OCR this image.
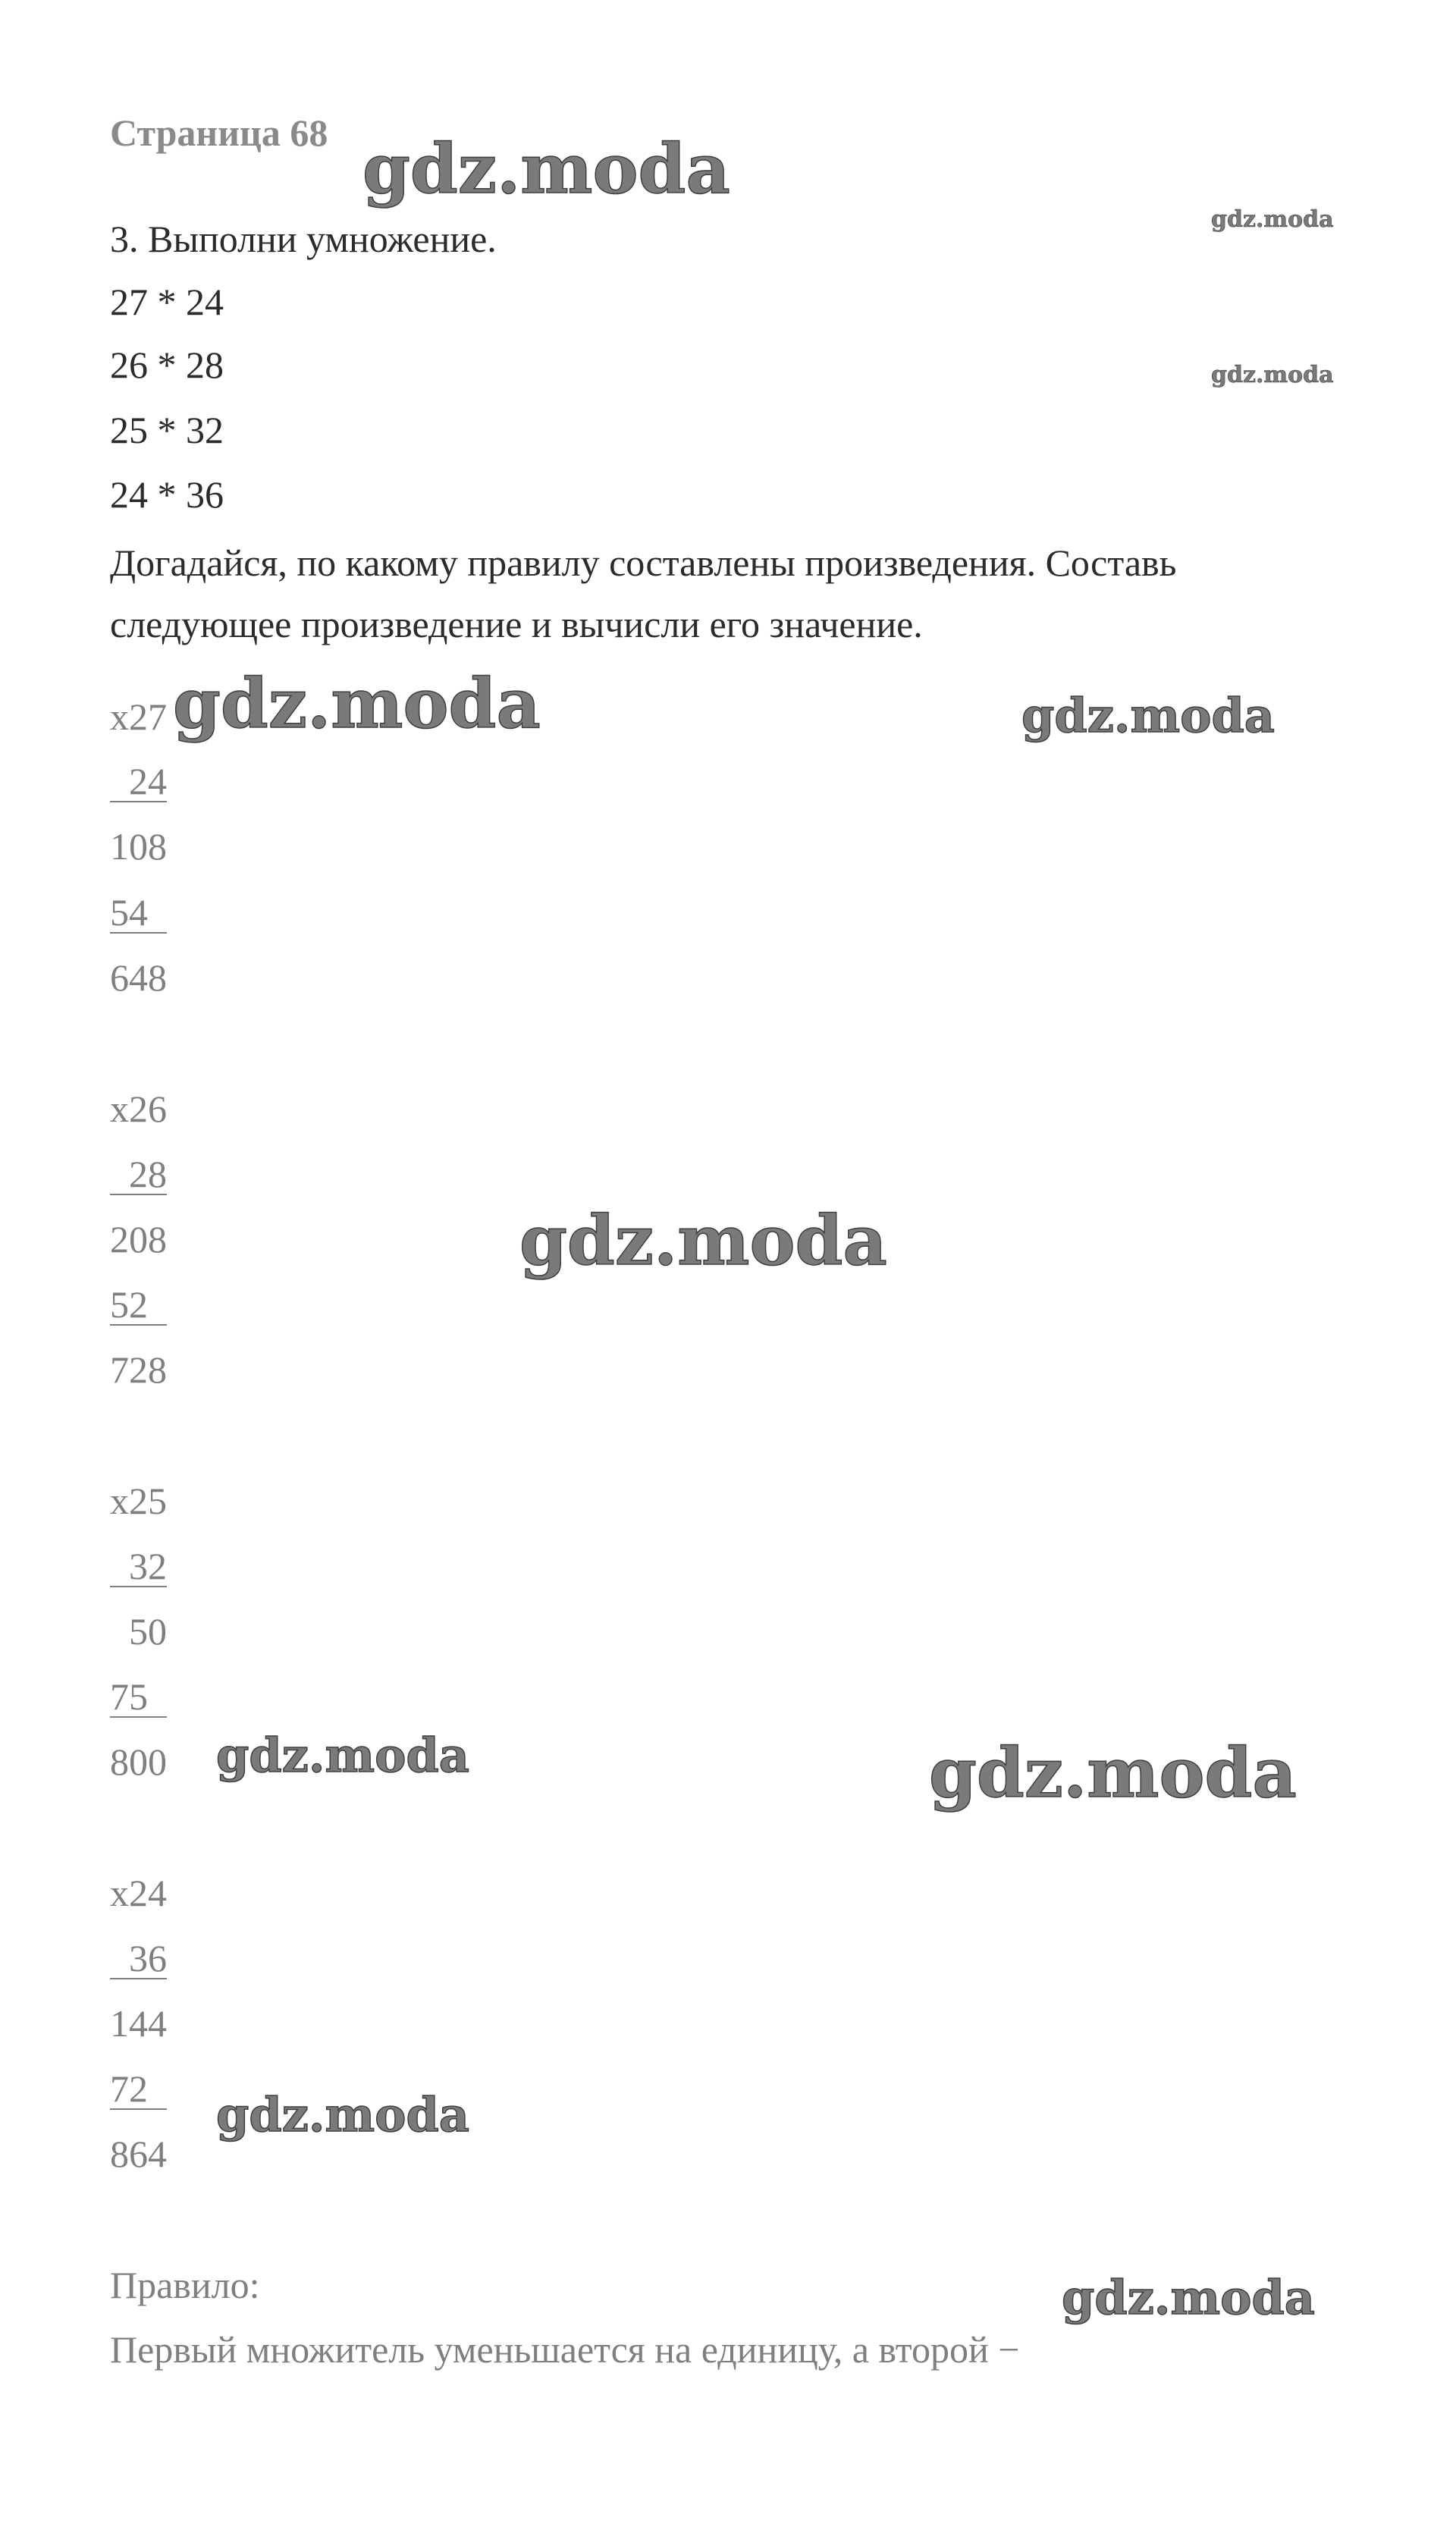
Страница 68
3. Выполни умножение.
27 * 24
26 * 28
25 * 32
24 * 36
Догадайся, по какому правилу составлены произведения. Составь
следующее произведение и вычисли его значение.
x27
24
108
54
648
x26
28
208
52
728
x25
32
50
75
800
x24
36
144
72
864
Правило:
Первый множитель уменьшается на единицу, а второй −
gdz.moda
gdz.moda
gdz.moda
gdz.moda	gdz.moda
gdz.moda
gdz.moda	gdz.moda
gdz.moda
gdz.moda
